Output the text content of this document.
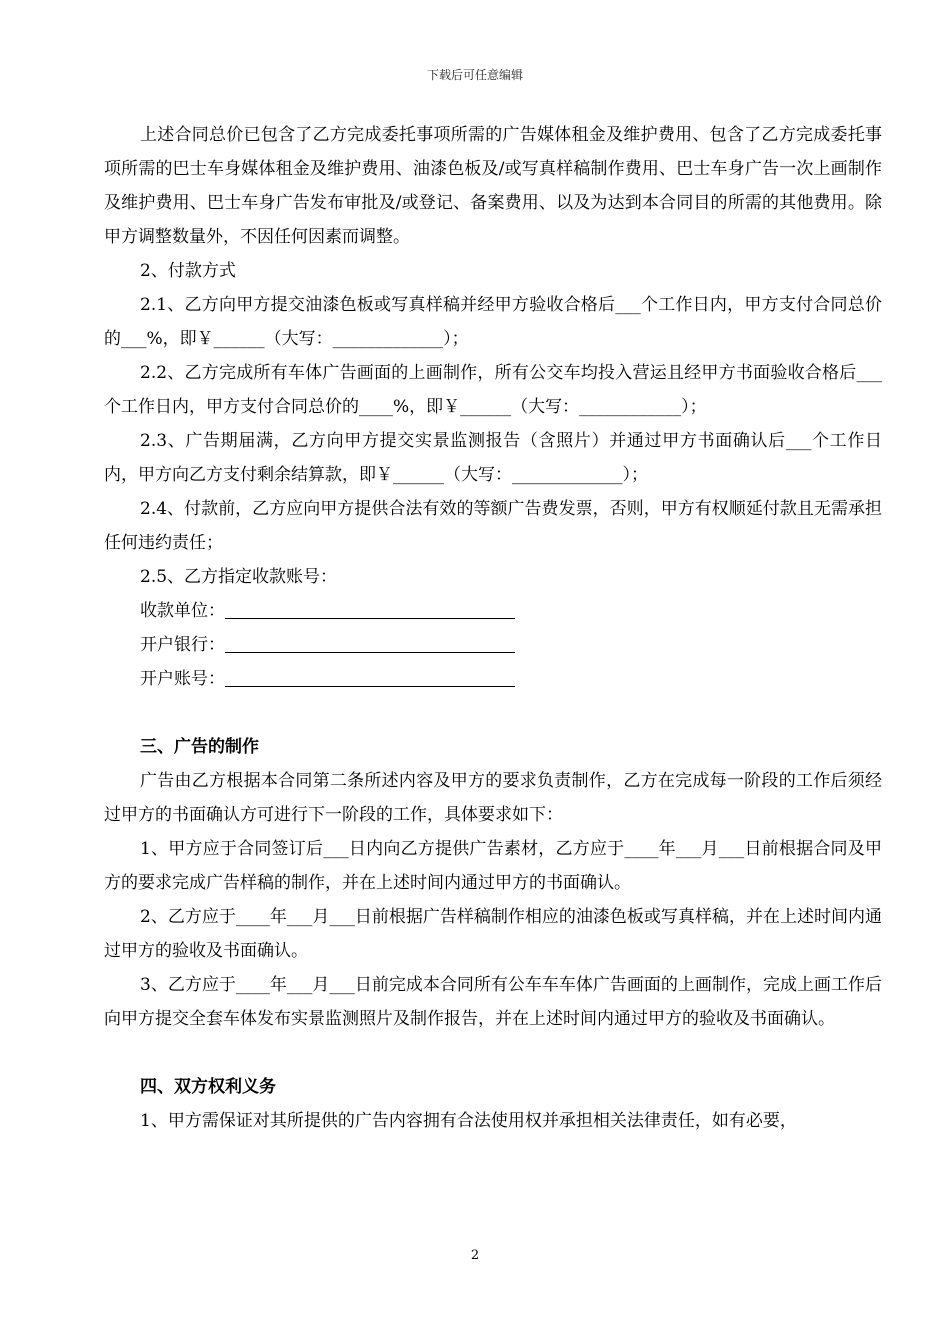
下载后可任意编辑

上述合同总价已包含了乙方完成委托事项所需的广告媒体租金及维护费用、包含了乙方完成委托事项所需的巴士车身媒体租金及维护费用、油漆色板及/或写真样稿制作费用、巴士车身广告一次上画制作及维护费用、巴士车身广告发布审批及/或登记、备案费用、以及为达到本合同目的所需的其他费用。除甲方调整数量外，不因任何因素而调整。

2、付款方式

2.1、乙方向甲方提交油漆色板或写真样稿并经甲方验收合格后___个工作日内，甲方支付合同总价的___%，即￥______（大写：_____________）；

2.2、乙方完成所有车体广告画面的上画制作，所有公交车均投入营运且经甲方书面验收合格后___个工作日内，甲方支付合同总价的____%，即￥______（大写：____________）；

2.3、广告期届满，乙方向甲方提交实景监测报告（含照片）并通过甲方书面确认后___个工作日内，甲方向乙方支付剩余结算款，即￥______（大写：_____________）；

2.4、付款前，乙方应向甲方提供合法有效的等额广告费发票，否则，甲方有权顺延付款且无需承担任何违约责任；

2.5、乙方指定收款账号：

收款单位：

开户银行：

开户账号：

三、广告的制作

广告由乙方根据本合同第二条所述内容及甲方的要求负责制作，乙方在完成每一阶段的工作后须经过甲方的书面确认方可进行下一阶段的工作，具体要求如下：

1、甲方应于合同签订后___日内向乙方提供广告素材，乙方应于____年___月___日前根据合同及甲方的要求完成广告样稿的制作，并在上述时间内通过甲方的书面确认。

2、乙方应于____年___月___日前根据广告样稿制作相应的油漆色板或写真样稿，并在上述时间内通过甲方的验收及书面确认。

3、乙方应于____年___月___日前完成本合同所有公车车车体广告画面的上画制作，完成上画工作后向甲方提交全套车体发布实景监测照片及制作报告，并在上述时间内通过甲方的验收及书面确认。

四、双方权利义务

1、甲方需保证对其所提供的广告内容拥有合法使用权并承担相关法律责任，如有必要，

2
